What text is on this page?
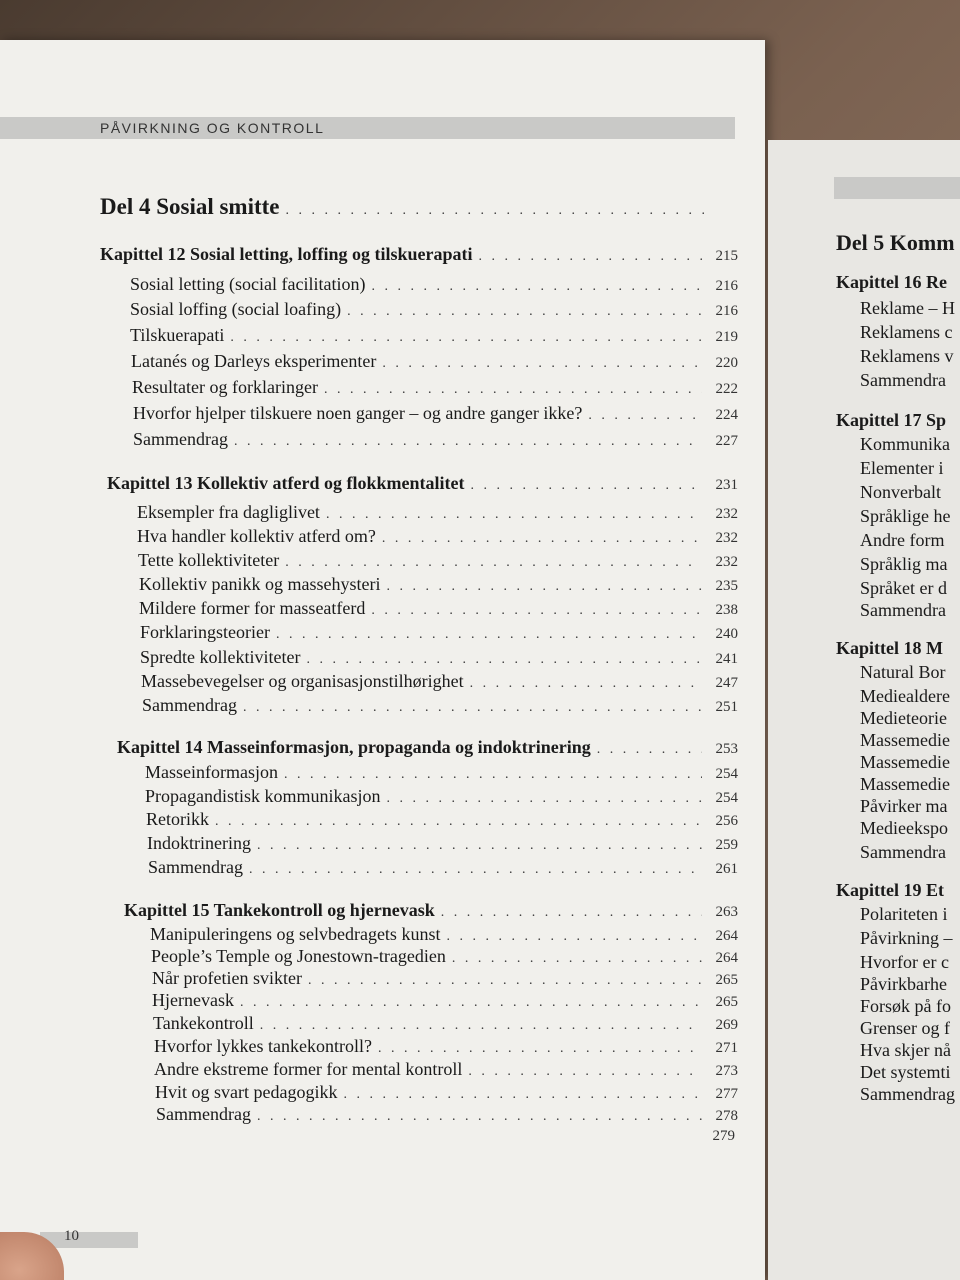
PÅVIRKNING OG KONTROLL
Del 4 Sosial smitte
. . .
Kapittel 12 Sosial letting, loffing og tilskuerapati . . .	215
Sosial letting (social facilitation) . . .	216
Sosial loffing (social loafing) . . .	216
Tilskuerapati . . .	219
Latanés og Darleys eksperimenter . . .	220
Resultater og forklaringer . . .	222
Hvorfor hjelper tilskuere noen ganger – og andre ganger ikke? . . .	224
Sammendrag . . .	227
Kapittel 13 Kollektiv atferd og flokkmentalitet . . .	231
Eksempler fra dagliglivet . . .	232
Hva handler kollektiv atferd om? . . .	232
Tette kollektiviteter . . .	232
Kollektiv panikk og massehysteri . . .	235
Mildere former for masseatferd . . .	238
Forklaringsteorier . . .	240
Spredte kollektiviteter . . .	241
Massebevegelser og organisasjonstilhørighet . . .	247
Sammendrag . . .	251
Kapittel 14 Masseinformasjon, propaganda og indoktrinering . . .	253
Masseinformasjon . . .	254
Propagandistisk kommunikasjon . . .	254
Retorikk . . .	256
Indoktrinering . . .	259
Sammendrag . . .	261
Kapittel 15 Tankekontroll og hjernevask . . .	263
Manipuleringens og selvbedragets kunst . . .	264
People’s Temple og Jonestown-tragedien . . .	264
Når profetien svikter . . .	265
Hjernevask . . .	265
Tankekontroll . . .	269
Hvorfor lykkes tankekontroll? . . .	271
Andre ekstreme former for mental kontroll . . .	273
Hvit og svart pedagogikk . . .	277
Sammendrag . . .	278
279
10
Del 5 Komm
Kapittel 16 Re
Reklame – H
Reklamens c
Reklamens v
Sammendra
Kapittel 17 Sp
Kommunika
Elementer i
Nonverbalt
Språklige he
Andre form
Språklig ma
Språket er d
Sammendra
Kapittel 18 M
Natural Bor
Mediealdere
Medieteorie
Massemedie
Massemedie
Massemedie
Påvirker ma
Medieekspo
Sammendra
Kapittel 19 Et
Polariteten i
Påvirkning –
Hvorfor er c
Påvirkbarhe
Forsøk på fo
Grenser og f
Hva skjer nå
Det systemti
Sammendrag
